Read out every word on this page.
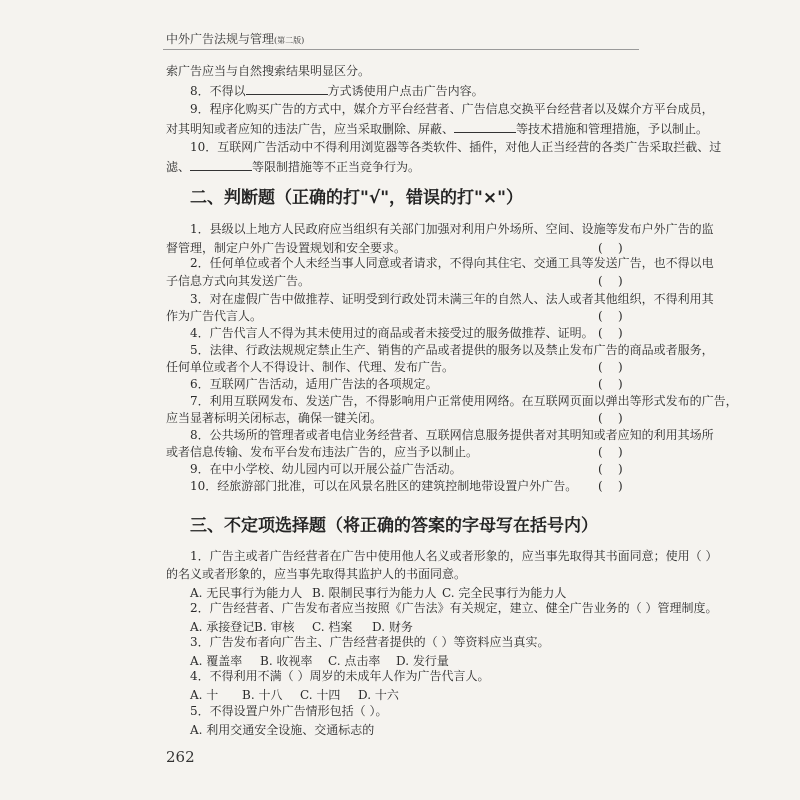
中外广告法规与管理(第二版)
索广告应当与自然搜索结果明显区分。
8．不得以	方式诱使用户点击广告内容。
9．程序化购买广告的方式中，媒介方平台经营者、广告信息交换平台经营者以及媒介方平台成员，
对其明知或者应知的违法广告，应当采取删除、屏蔽、	等技术措施和管理措施，予以制止。
10．互联网广告活动中不得利用浏览器等各类软件、插件，对他人正当经营的各类广告采取拦截、过
滤、	等限制措施等不正当竞争行为。
二、判断题（正确的打"√"，错误的打"×"）
1．县级以上地方人民政府应当组织有关部门加强对利用户外场所、空间、设施等发布户外广告的监
督管理，制定户外广告设置规划和安全要求。	(    )
2．任何单位或者个人未经当事人同意或者请求，不得向其住宅、交通工具等发送广告，也不得以电
子信息方式向其发送广告。	(    )
3．对在虚假广告中做推荐、证明受到行政处罚未满三年的自然人、法人或者其他组织，不得利用其
作为广告代言人。	(    )
4．广告代言人不得为其未使用过的商品或者未接受过的服务做推荐、证明。 (    )
5．法律、行政法规规定禁止生产、销售的产品或者提供的服务以及禁止发布广告的商品或者服务，
任何单位或者个人不得设计、制作、代理、发布广告。	(    )
6．互联网广告活动，适用广告法的各项规定。	(    )
7．利用互联网发布、发送广告，不得影响用户正常使用网络。在互联网页面以弹出等形式发布的广告，
应当显著标明关闭标志，确保一键关闭。	(    )
8．公共场所的管理者或者电信业务经营者、互联网信息服务提供者对其明知或者应知的利用其场所
或者信息传输、发布平台发布违法广告的，应当予以制止。	(    )
9．在中小学校、幼儿园内可以开展公益广告活动。	(    )
10．经旅游部门批准，可以在风景名胜区的建筑控制地带设置户外广告。 (    )
三、不定项选择题（将正确的答案的字母写在括号内）
1．广告主或者广告经营者在广告中使用他人名义或者形象的，应当事先取得其书面同意；使用（ ）
的名义或者形象的，应当事先取得其监护人的书面同意。
A. 无民事行为能力人 B. 限制民事行为能力人 C. 完全民事行为能力人
2．广告经营者、广告发布者应当按照《广告法》有关规定，建立、健全广告业务的（ ）管理制度。
A. 承接登记 B. 审核 C. 档案 D. 财务
3．广告发布者向广告主、广告经营者提供的（ ）等资料应当真实。
A. 覆盖率 B. 收视率 C. 点击率 D. 发行量
4．不得利用不满（ ）周岁的未成年人作为广告代言人。
A. 十 B. 十八 C. 十四 D. 十六
5．不得设置户外广告情形包括（ ）。
A. 利用交通安全设施、交通标志的
262
